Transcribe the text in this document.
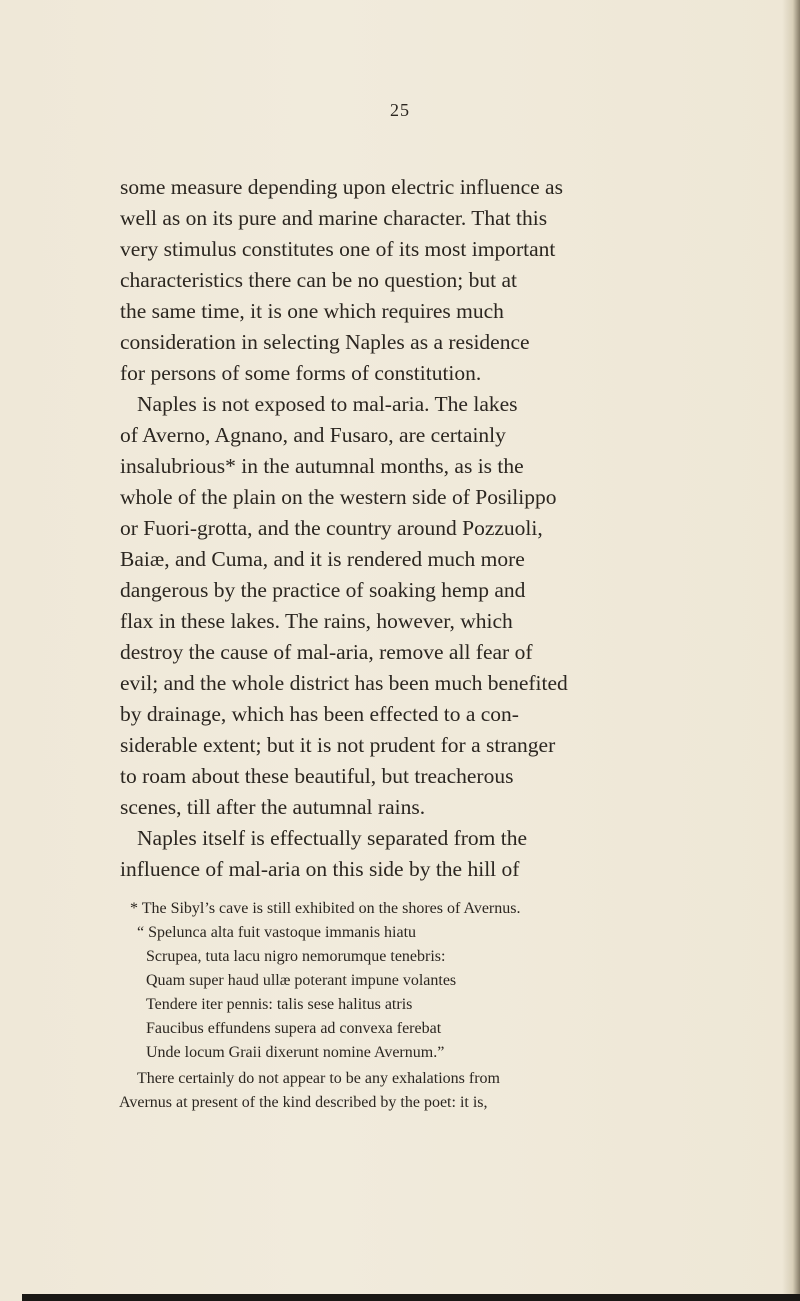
25
some measure depending upon electric influence as
well as on its pure and marine character. That this
very stimulus constitutes one of its most important
characteristics there can be no question; but at
the same time, it is one which requires much
consideration in selecting Naples as a residence
for persons of some forms of constitution.
Naples is not exposed to mal-aria. The lakes
of Averno, Agnano, and Fusaro, are certainly
insalubrious* in the autumnal months, as is the
whole of the plain on the western side of Posilippo
or Fuori-grotta, and the country around Pozzuoli,
Baiæ, and Cuma, and it is rendered much more
dangerous by the practice of soaking hemp and
flax in these lakes. The rains, however, which
destroy the cause of mal-aria, remove all fear of
evil; and the whole district has been much benefited
by drainage, which has been effected to a con-
siderable extent; but it is not prudent for a stranger
to roam about these beautiful, but treacherous
scenes, till after the autumnal rains.
Naples itself is effectually separated from the
influence of mal-aria on this side by the hill of
* The Sibyl’s cave is still exhibited on the shores of Avernus.
“ Spelunca alta fuit vastoque immanis hiatu
Scrupea, tuta lacu nigro nemorumque tenebris:
Quam super haud ullæ poterant impune volantes
Tendere iter pennis: talis sese halitus atris
Faucibus effundens supera ad convexa ferebat
Unde locum Graii dixerunt nomine Avernum.”
There certainly do not appear to be any exhalations from
Avernus at present of the kind described by the poet: it is,
